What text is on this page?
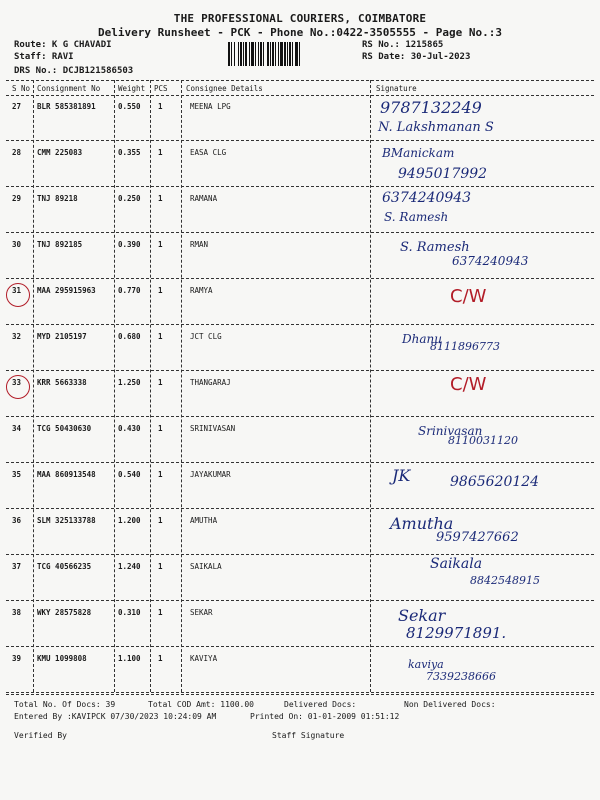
THE PROFESSIONAL COURIERS, COIMBATORE
Delivery Runsheet - PCK - Phone No.:0422-3505555 - Page No.:3
Route: K G CHAVADI
Staff: RAVI
DRS No.: DCJB121586503
RS No.: 1215865
RS Date: 30-Jul-2023
S No Consignment No Weight PCS Consignee Details	Signature
27 BLR 585381891	0.550 1	MEENA LPG	9787132249
N. Lakshmanan S
28 CMM 225083	0.355 1	EASA CLG	BManickam
9495017992
29 TNJ 89218	0.250 1	RAMANA	6374240943
S. Ramesh
30 TNJ 892185	0.390 1	RMAN	S. Ramesh
6374240943
31 MAA 295915963	0.770 1	RAMYA	C/W
32 MYD 2105197	0.680 1	JCT CLG	Dhanu
8111896773
33 KRR 5663338	1.250 1	THANGARAJ	C/W
34 TCG 50430630	0.430 1	SRINIVASAN	Srinivasan
8110031120
35 MAA 860913548	0.540 1	JAYAKUMAR	JK	9865620124
36 SLM 325133788	1.200 1	AMUTHA	Amutha
9597427662
37 TCG 40566235	1.240 1	SAIKALA	Saikala
8842548915
38 WKY 28575828	0.310 1	SEKAR	Sekar
8129971891.
39 KMU 1099808	1.100 1	KAVIYA	kaviya
7339238666
Total No. Of Docs: 39	Total COD Amt: 1100.00	Delivered Docs:	Non Delivered Docs:
Entered By :KAVIPCK 07/30/2023 10:24:09 AM	Printed On: 01-01-2009 01:51:12
Verified By	Staff Signature
